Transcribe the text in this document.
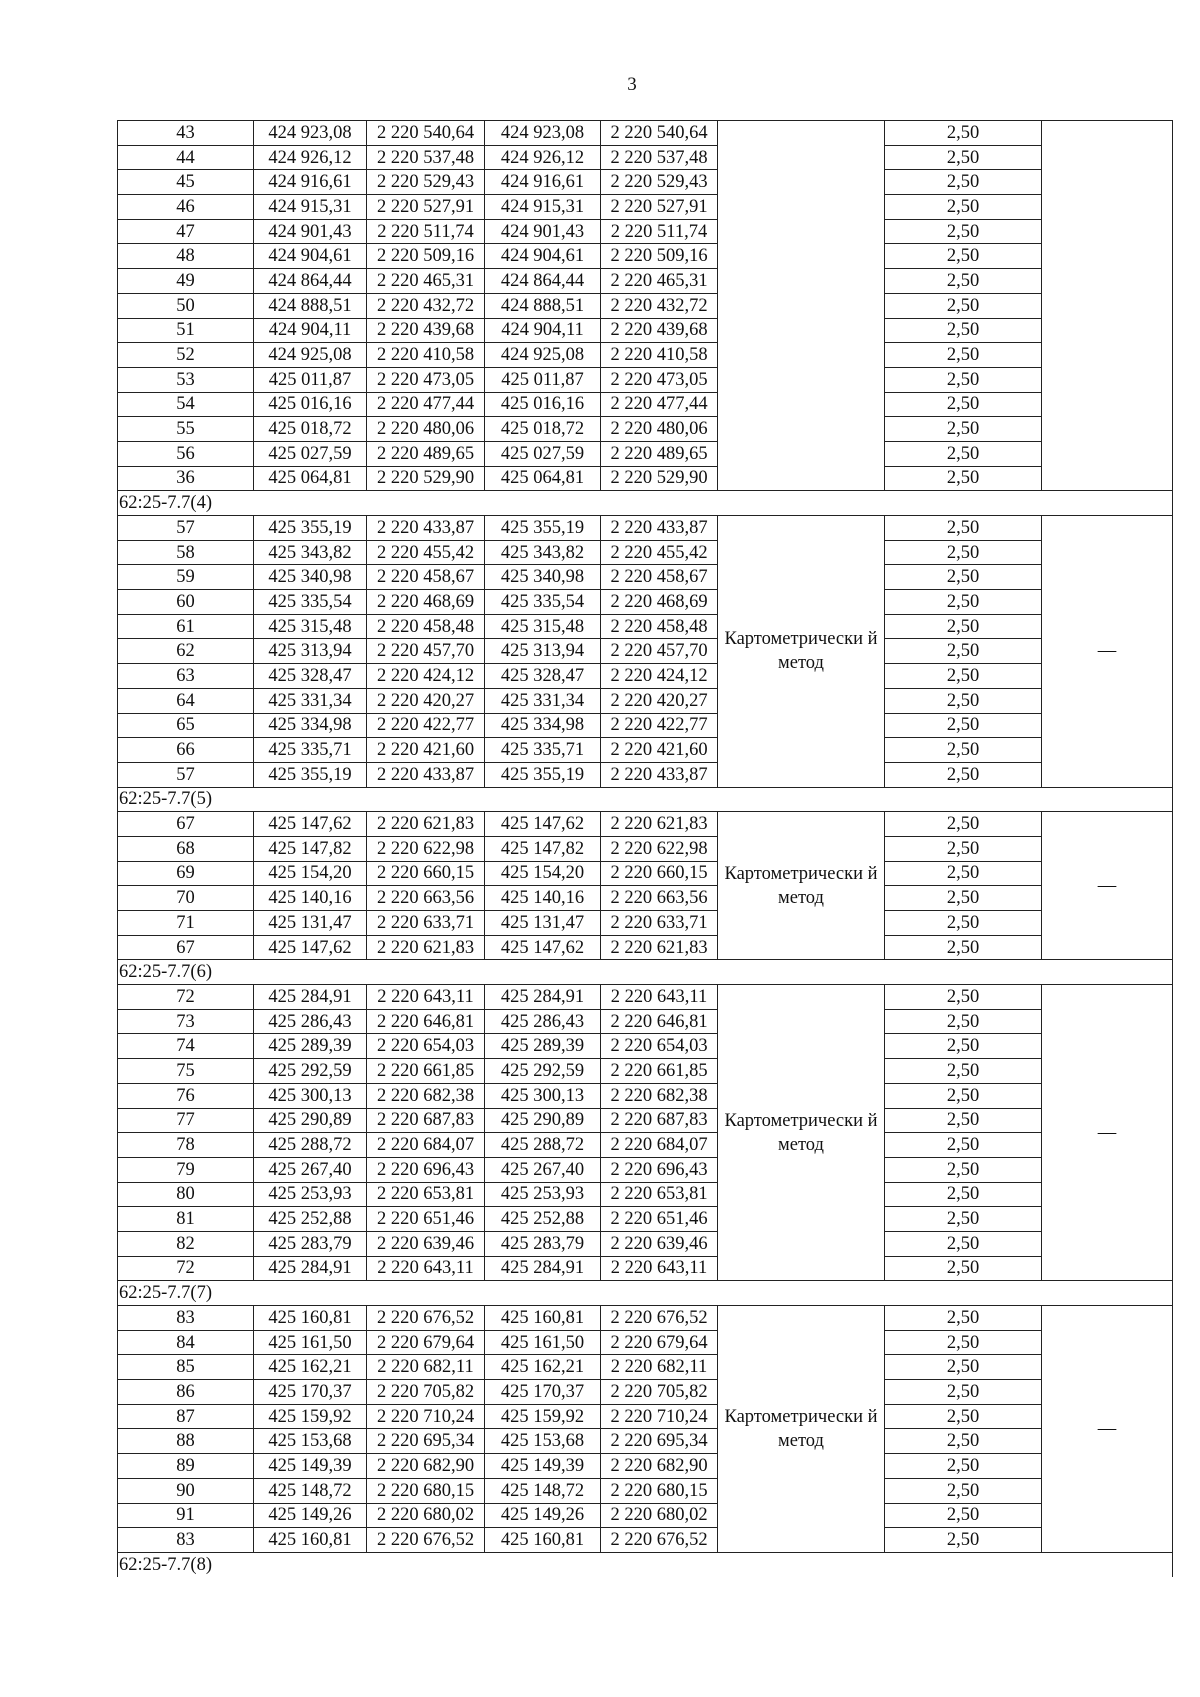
3
43	424 923,08	2 220 540,64	424 923,08	2 220 540,64		2,50	
44	424 926,12	2 220 537,48	424 926,12	2 220 537,48		2,50	
45	424 916,61	2 220 529,43	424 916,61	2 220 529,43		2,50	
46	424 915,31	2 220 527,91	424 915,31	2 220 527,91		2,50	
47	424 901,43	2 220 511,74	424 901,43	2 220 511,74		2,50	
48	424 904,61	2 220 509,16	424 904,61	2 220 509,16		2,50	
49	424 864,44	2 220 465,31	424 864,44	2 220 465,31		2,50	
50	424 888,51	2 220 432,72	424 888,51	2 220 432,72		2,50	
51	424 904,11	2 220 439,68	424 904,11	2 220 439,68		2,50	
52	424 925,08	2 220 410,58	424 925,08	2 220 410,58		2,50	
53	425 011,87	2 220 473,05	425 011,87	2 220 473,05		2,50	
54	425 016,16	2 220 477,44	425 016,16	2 220 477,44		2,50	
55	425 018,72	2 220 480,06	425 018,72	2 220 480,06		2,50	
56	425 027,59	2 220 489,65	425 027,59	2 220 489,65		2,50	
36	425 064,81	2 220 529,90	425 064,81	2 220 529,90		2,50	
62:25-7.7(4)							
57	425 355,19	2 220 433,87	425 355,19	2 220 433,87	Картометрически й метод	2,50	—
58	425 343,82	2 220 455,42	425 343,82	2 220 455,42		2,50	
59	425 340,98	2 220 458,67	425 340,98	2 220 458,67		2,50	
60	425 335,54	2 220 468,69	425 335,54	2 220 468,69		2,50	
61	425 315,48	2 220 458,48	425 315,48	2 220 458,48		2,50	
62	425 313,94	2 220 457,70	425 313,94	2 220 457,70		2,50	
63	425 328,47	2 220 424,12	425 328,47	2 220 424,12		2,50	
64	425 331,34	2 220 420,27	425 331,34	2 220 420,27		2,50	
65	425 334,98	2 220 422,77	425 334,98	2 220 422,77		2,50	
66	425 335,71	2 220 421,60	425 335,71	2 220 421,60		2,50	
57	425 355,19	2 220 433,87	425 355,19	2 220 433,87		2,50	
62:25-7.7(5)							
67	425 147,62	2 220 621,83	425 147,62	2 220 621,83	Картометрически й метод	2,50	—
68	425 147,82	2 220 622,98	425 147,82	2 220 622,98		2,50	
69	425 154,20	2 220 660,15	425 154,20	2 220 660,15		2,50	
70	425 140,16	2 220 663,56	425 140,16	2 220 663,56		2,50	
71	425 131,47	2 220 633,71	425 131,47	2 220 633,71		2,50	
67	425 147,62	2 220 621,83	425 147,62	2 220 621,83		2,50	
62:25-7.7(6)							
72	425 284,91	2 220 643,11	425 284,91	2 220 643,11	Картометрически й метод	2,50	—
73	425 286,43	2 220 646,81	425 286,43	2 220 646,81		2,50	
74	425 289,39	2 220 654,03	425 289,39	2 220 654,03		2,50	
75	425 292,59	2 220 661,85	425 292,59	2 220 661,85		2,50	
76	425 300,13	2 220 682,38	425 300,13	2 220 682,38		2,50	
77	425 290,89	2 220 687,83	425 290,89	2 220 687,83		2,50	
78	425 288,72	2 220 684,07	425 288,72	2 220 684,07		2,50	
79	425 267,40	2 220 696,43	425 267,40	2 220 696,43		2,50	
80	425 253,93	2 220 653,81	425 253,93	2 220 653,81		2,50	
81	425 252,88	2 220 651,46	425 252,88	2 220 651,46		2,50	
82	425 283,79	2 220 639,46	425 283,79	2 220 639,46		2,50	
72	425 284,91	2 220 643,11	425 284,91	2 220 643,11		2,50	
62:25-7.7(7)							
83	425 160,81	2 220 676,52	425 160,81	2 220 676,52	Картометрически й метод	2,50	—
84	425 161,50	2 220 679,64	425 161,50	2 220 679,64		2,50	
85	425 162,21	2 220 682,11	425 162,21	2 220 682,11		2,50	
86	425 170,37	2 220 705,82	425 170,37	2 220 705,82		2,50	
87	425 159,92	2 220 710,24	425 159,92	2 220 710,24		2,50	
88	425 153,68	2 220 695,34	425 153,68	2 220 695,34		2,50	
89	425 149,39	2 220 682,90	425 149,39	2 220 682,90		2,50	
90	425 148,72	2 220 680,15	425 148,72	2 220 680,15		2,50	
91	425 149,26	2 220 680,02	425 149,26	2 220 680,02		2,50	
83	425 160,81	2 220 676,52	425 160,81	2 220 676,52		2,50	
62:25-7.7(8)							
